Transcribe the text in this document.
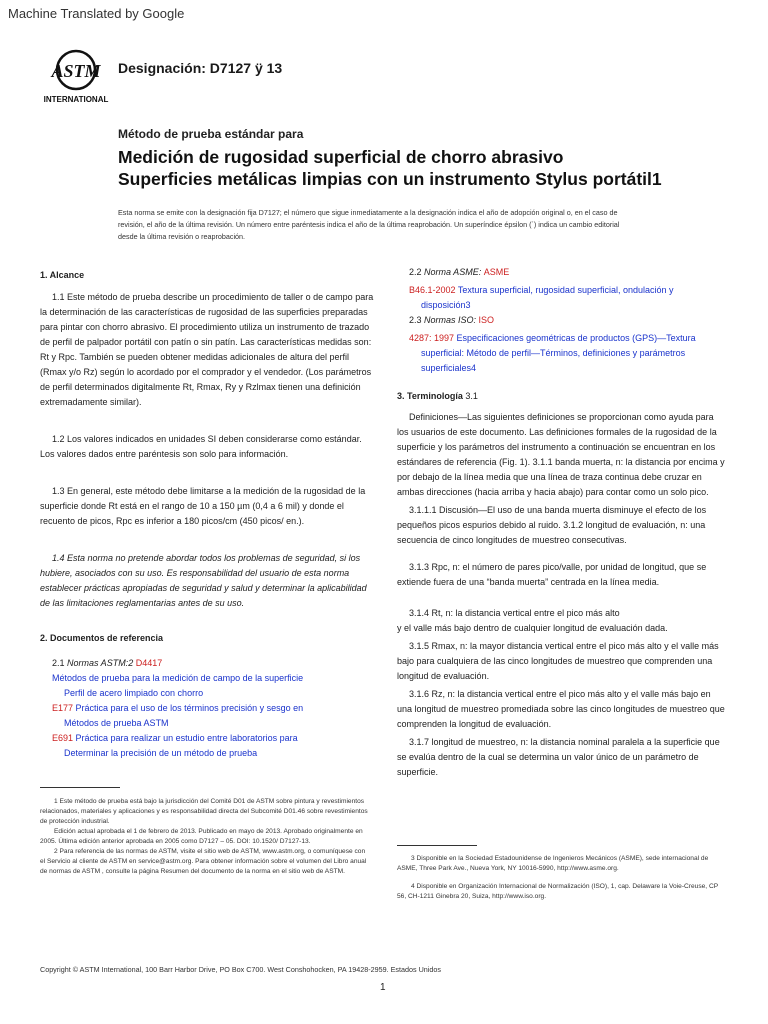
Machine Translated by Google
ASTM
INTERNATIONAL
Designación: D7127 ÿ 13
Método de prueba estándar para
Medición de rugosidad superficial de chorro abrasivo
Superficies metálicas limpias con un instrumento Stylus portátil1
Esta norma se emite con la designación fija D7127; el número que sigue inmediatamente a la designación indica el año de adopción original o, en el caso de
revisión, el año de la última revisión. Un número entre paréntesis indica el año de la última reaprobación. Un superíndice épsilon (´) indica un cambio editorial
desde la última revisión o reaprobación.

1. Alcance

1.1 Este método de prueba describe un procedimiento de taller o de campo para la determinación de las características de rugosidad de las superficies preparadas para pintar con chorro abrasivo. El procedimiento utiliza un instrumento de trazado de perfil de palpador portátil con patín o sin patín. Las características medidas son: Rt y Rpc. También se pueden obtener medidas adicionales de altura del perfil (Rmax y/o Rz) según lo acordado por el comprador y el vendedor. (Los parámetros de perfil determinados digitalmente Rt, Rmax, Ry y Rzlmax tienen una definición extremadamente similar).

1.2 Los valores indicados en unidades SI deben considerarse como estándar. Los valores dados entre paréntesis son solo para información.

1.3 En general, este método debe limitarse a la medición de la rugosidad de la superficie donde Rt está en el rango de 10 a 150 µm (0,4 a 6 mil) y donde el recuento de picos, Rpc es inferior a 180 picos/cm (450 picos/ en.).

1.4 Esta norma no pretende abordar todos los problemas de seguridad, si los hubiere, asociados con su uso. Es responsabilidad del usuario de esta norma establecer prácticas apropiadas de seguridad y salud y determinar la aplicabilidad de las limitaciones reglamentarias antes de su uso.

2. Documentos de referencia

2.1 Normas ASTM:2 D4417

Métodos de prueba para la medición de campo de la superficie

Perfil de acero limpiado con chorro

E177 Práctica para el uso de los términos precisión y sesgo en

Métodos de prueba ASTM

E691 Práctica para realizar un estudio entre laboratorios para

Determinar la precisión de un método de prueba

1 Este método de prueba está bajo la jurisdicción del Comité D01 de ASTM sobre pintura y revestimientos relacionados, materiales y aplicaciones y es responsabilidad directa del Subcomité D01.46 sobre revestimientos de protección industrial.
Edición actual aprobada el 1 de febrero de 2013. Publicado en mayo de 2013. Aprobado originalmente en 2005. Última edición anterior aprobada en 2005 como D7127 – 05. DOI: 10.1520/ D7127-13.
2 Para referencia de las normas de ASTM, visite el sitio web de ASTM, www.astm.org, o comuníquese con el Servicio al cliente de ASTM en service@astm.org. Para obtener información sobre el volumen del Libro anual de normas de ASTM , consulte la página Resumen del documento de la norma en el sitio web de ASTM.

2.2 Norma ASME: ASME

B46.1-2002 Textura superficial, rugosidad superficial, ondulación y

disposición3

2.3 Normas ISO: ISO

4287: 1997 Especificaciones geométricas de productos (GPS)—Textura

superficial: Método de perfil—Términos, definiciones y parámetros

superficiales4

3. Terminología 3.1

Definiciones—Las siguientes definiciones se proporcionan como ayuda para los usuarios de este documento. Las definiciones formales de la rugosidad de la superficie y los parámetros del instrumento a continuación se encuentran en los estándares de referencia (Fig. 1). 3.1.1 banda muerta, n: la distancia por encima y por debajo de la línea media que una línea de traza continua debe cruzar en ambas direcciones (hacia arriba y hacia abajo) para contar como un solo pico.

3.1.1.1 Discusión—El uso de una banda muerta disminuye el efecto de los pequeños picos espurios debido al ruido. 3.1.2 longitud de evaluación, n: una secuencia de cinco longitudes de muestreo consecutivas.

3.1.3 Rpc, n: el número de pares pico/valle, por unidad de longitud, que se extiende fuera de una “banda muerta” centrada en la línea media.

3.1.4 Rt, n: la distancia vertical entre el pico más alto

y el valle más bajo dentro de cualquier longitud de evaluación dada.

3.1.5 Rmax, n: la mayor distancia vertical entre el pico más alto y el valle más bajo para cualquiera de las cinco longitudes de muestreo que comprenden una longitud de evaluación.

3.1.6 Rz, n: la distancia vertical entre el pico más alto y el valle más bajo en una longitud de muestreo promediada sobre las cinco longitudes de muestreo que comprenden la longitud de evaluación.

3.1.7 longitud de muestreo, n: la distancia nominal paralela a la superficie que se evalúa dentro de la cual se determina un valor único de un parámetro de superficie.

3 Disponible en la Sociedad Estadounidense de Ingenieros Mecánicos (ASME), sede internacional de ASME, Three Park Ave., Nueva York, NY 10016-5990, http://www.asme.org.
4 Disponible en Organización Internacional de Normalización (ISO), 1, cap. Delaware la Voie-Creuse, CP 56, CH-1211 Ginebra 20, Suiza, http://www.iso.org.
Copyright © ASTM International, 100 Barr Harbor Drive, PO Box C700. West Conshohocken, PA 19428-2959. Estados Unidos
1
